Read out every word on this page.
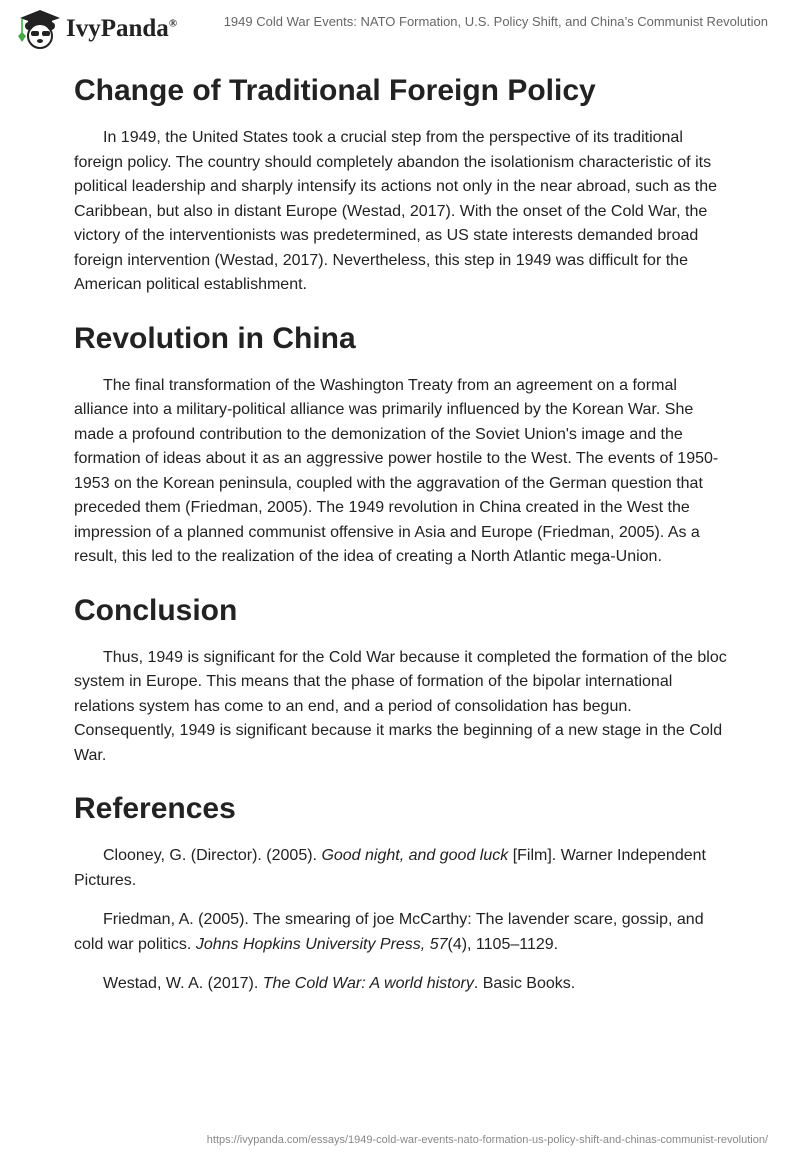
IvyPanda®	1949 Cold War Events: NATO Formation, U.S. Policy Shift, and China’s Communist Revolution
Change of Traditional Foreign Policy

In 1949, the United States took a crucial step from the perspective of its traditional foreign policy. The country should completely abandon the isolationism characteristic of its political leadership and sharply intensify its actions not only in the near abroad, such as the Caribbean, but also in distant Europe (Westad, 2017). With the onset of the Cold War, the victory of the interventionists was predetermined, as US state interests demanded broad foreign intervention (Westad, 2017). Nevertheless, this step in 1949 was difficult for the American political establishment.

Revolution in China

The final transformation of the Washington Treaty from an agreement on a formal alliance into a military-political alliance was primarily influenced by the Korean War. She made a profound contribution to the demonization of the Soviet Union's image and the formation of ideas about it as an aggressive power hostile to the West. The events of 1950-1953 on the Korean peninsula, coupled with the aggravation of the German question that preceded them (Friedman, 2005). The 1949 revolution in China created in the West the impression of a planned communist offensive in Asia and Europe (Friedman, 2005). As a result, this led to the realization of the idea of creating a North Atlantic mega-Union.

Conclusion

Thus, 1949 is significant for the Cold War because it completed the formation of the bloc system in Europe. This means that the phase of formation of the bipolar international relations system has come to an end, and a period of consolidation has begun. Consequently, 1949 is significant because it marks the beginning of a new stage in the Cold War.

References

Clooney, G. (Director). (2005). Good night, and good luck [Film]. Warner Independent Pictures.

Friedman, A. (2005). The smearing of joe McCarthy: The lavender scare, gossip, and cold war politics. Johns Hopkins University Press, 57(4), 1105–1129.

Westad, W. A. (2017). The Cold War: A world history. Basic Books.

https://ivypanda.com/essays/1949-cold-war-events-nato-formation-us-policy-shift-and-chinas-communist-revolution/
